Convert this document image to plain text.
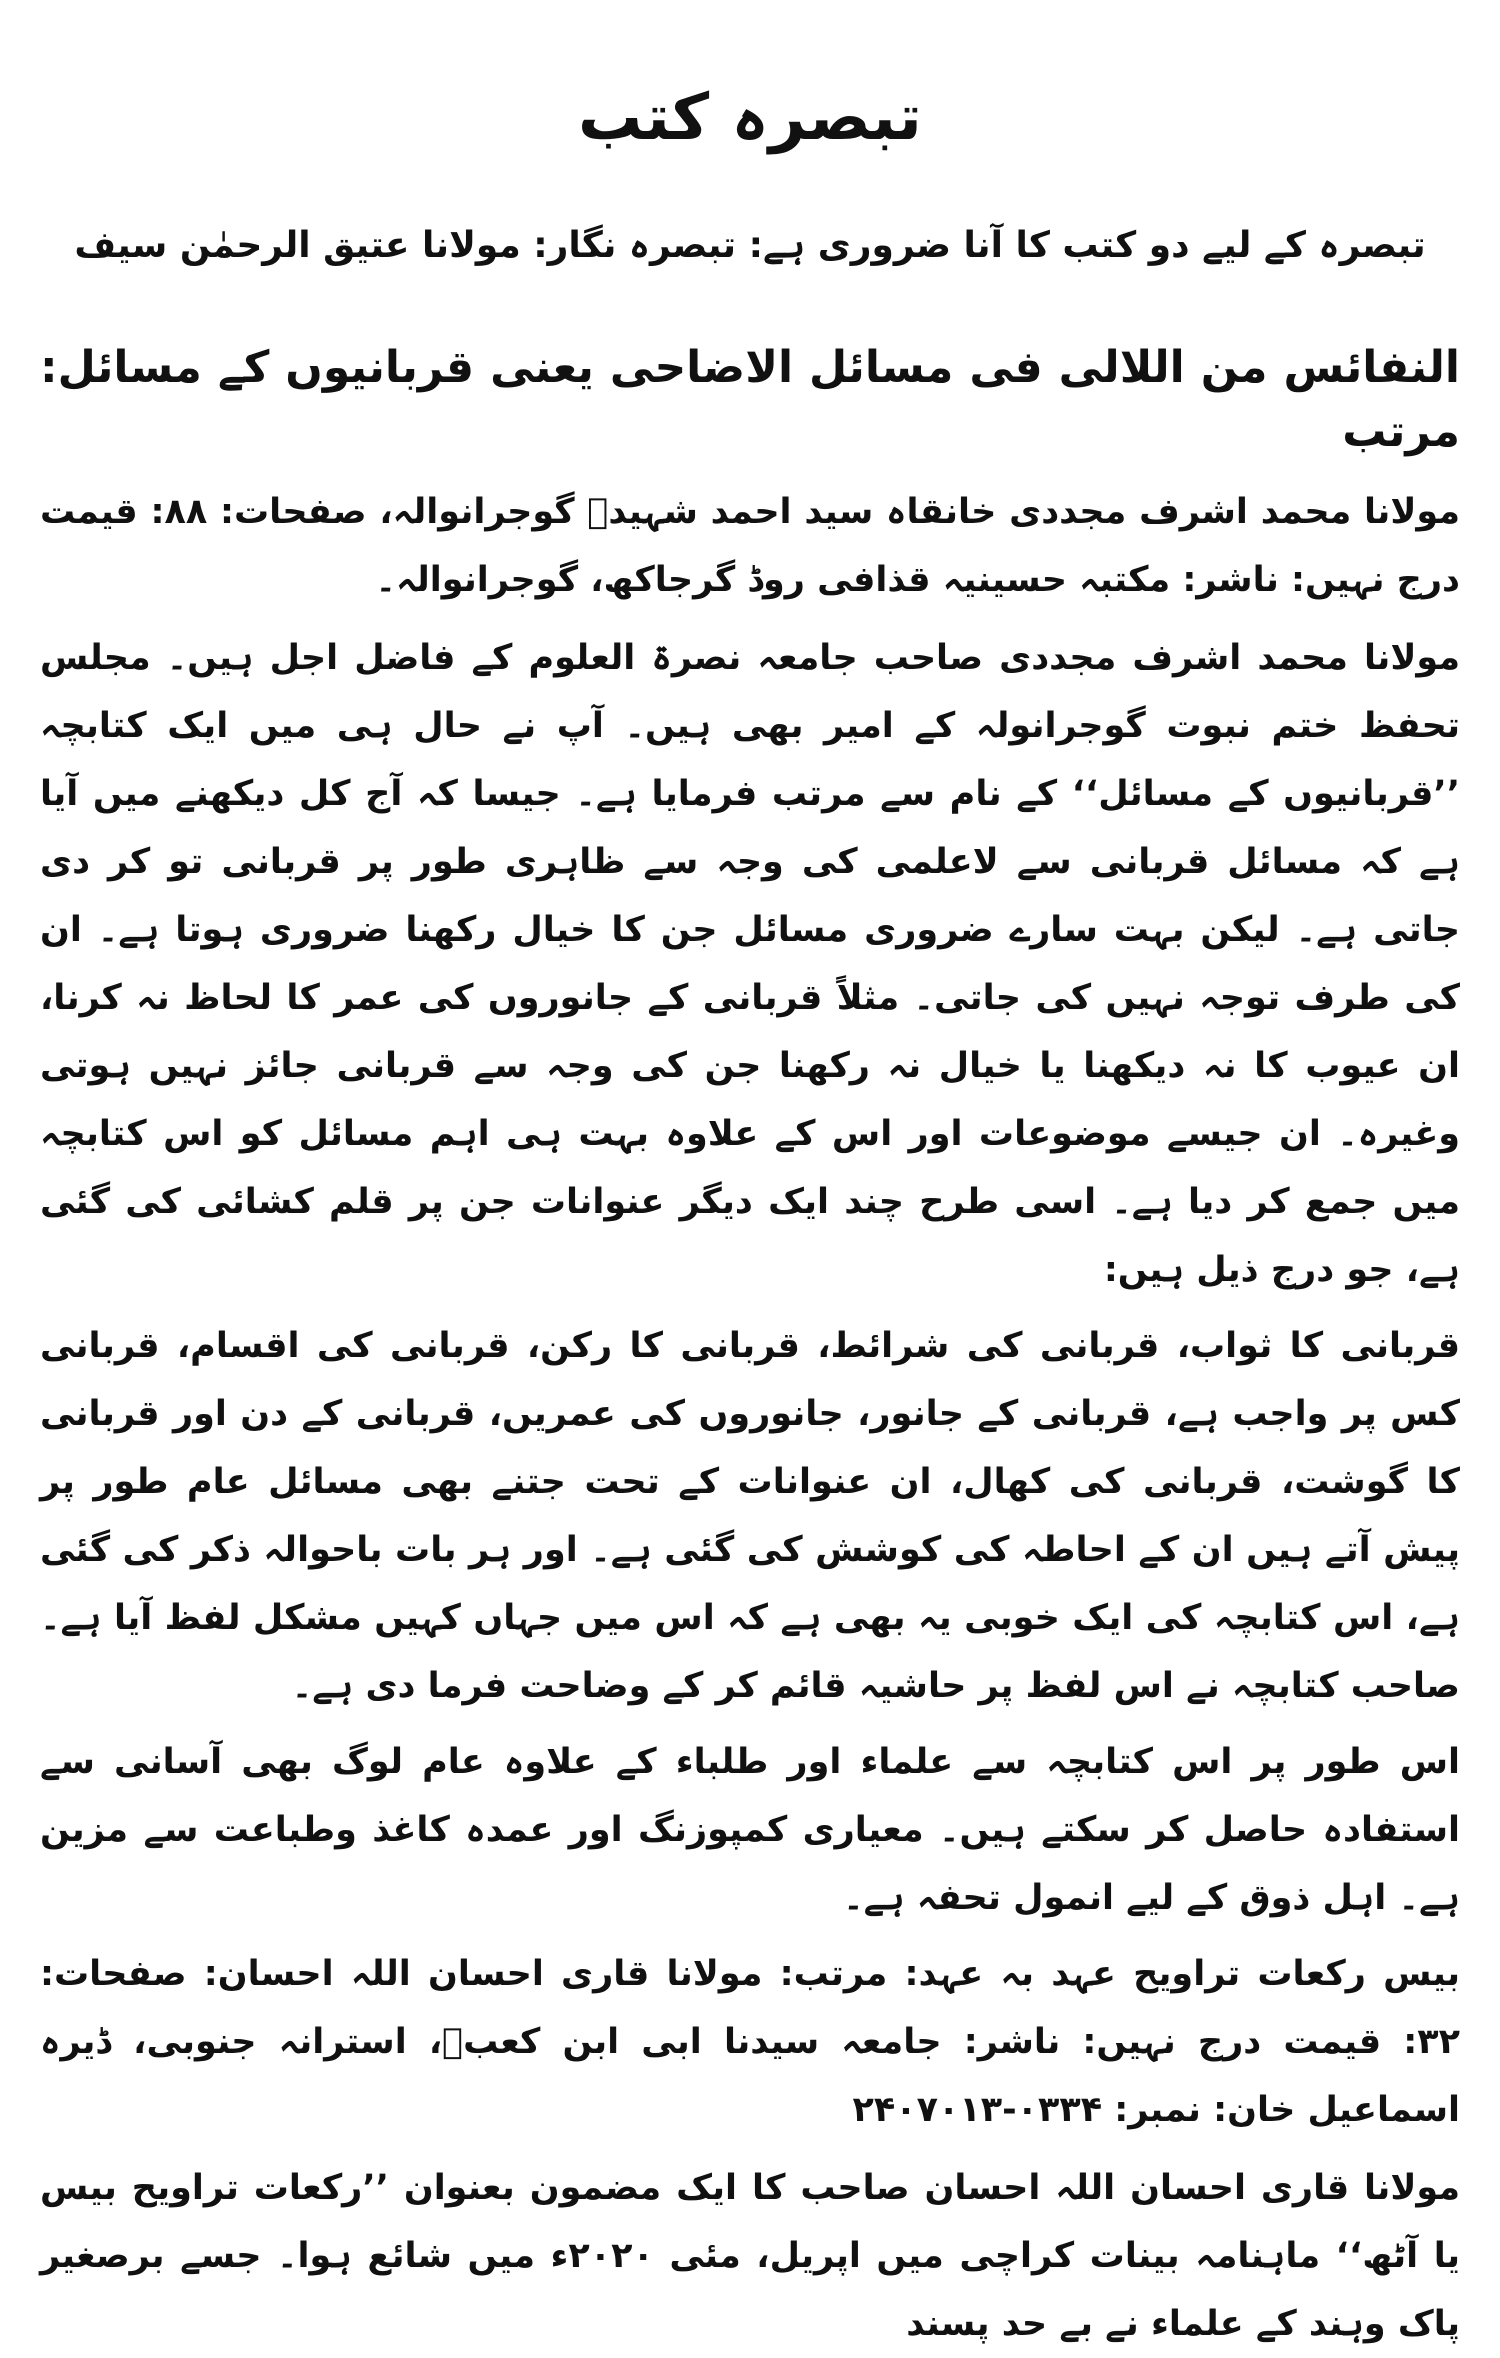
تبصرہ کتب
تبصرہ کے لیے دو کتب کا آنا ضروری ہے: تبصرہ نگار: مولانا عتیق الرحمٰن سیف
النفائس من اللالی فی مسائل الاضاحی یعنی قربانیوں کے مسائل: مرتب
مولانا محمد اشرف مجددی خانقاہ سید احمد شہیدؒ گوجرانوالہ، صفحات: ۸۸: قیمت درج نہیں: ناشر: مکتبہ حسینیہ قذافی روڈ گرجاکھ، گوجرانوالہ۔

مولانا محمد اشرف مجددی صاحب جامعہ نصرۃ العلوم کے فاضل اجل ہیں۔ مجلس تحفظ ختم نبوت گوجرانولہ کے امیر بھی ہیں۔ آپ نے حال ہی میں ایک کتابچہ ’’قربانیوں کے مسائل‘‘ کے نام سے مرتب فرمایا ہے۔ جیسا کہ آج کل دیکھنے میں آیا ہے کہ مسائل قربانی سے لاعلمی کی وجہ سے ظاہری طور پر قربانی تو کر دی جاتی ہے۔ لیکن بہت سارے ضروری مسائل جن کا خیال رکھنا ضروری ہوتا ہے۔ ان کی طرف توجہ نہیں کی جاتی۔ مثلاً قربانی کے جانوروں کی عمر کا لحاظ نہ کرنا، ان عیوب کا نہ دیکھنا یا خیال نہ رکھنا جن کی وجہ سے قربانی جائز نہیں ہوتی وغیرہ۔ ان جیسے موضوعات اور اس کے علاوہ بہت ہی اہم مسائل کو اس کتابچہ میں جمع کر دیا ہے۔ اسی طرح چند ایک دیگر عنوانات جن پر قلم کشائی کی گئی ہے، جو درج ذیل ہیں:

قربانی کا ثواب، قربانی کی شرائط، قربانی کا رکن، قربانی کی اقسام، قربانی کس پر واجب ہے، قربانی کے جانور، جانوروں کی عمریں، قربانی کے دن اور قربانی کا گوشت، قربانی کی کھال، ان عنوانات کے تحت جتنے بھی مسائل عام طور پر پیش آتے ہیں ان کے احاطہ کی کوشش کی گئی ہے۔ اور ہر بات باحوالہ ذکر کی گئی ہے، اس کتابچہ کی ایک خوبی یہ بھی ہے کہ اس میں جہاں کہیں مشکل لفظ آیا ہے۔ صاحب کتابچہ نے اس لفظ پر حاشیہ قائم کر کے وضاحت فرما دی ہے۔

اس طور پر اس کتابچہ سے علماء اور طلباء کے علاوہ عام لوگ بھی آسانی سے استفادہ حاصل کر سکتے ہیں۔ معیاری کمپوزنگ اور عمدہ کاغذ وطباعت سے مزین ہے۔ اہل ذوق کے لیے انمول تحفہ ہے۔

بیس رکعات تراویح عہد بہ عہد: مرتب: مولانا قاری احسان اللہ احسان: صفحات: ۳۲: قیمت درج نہیں: ناشر: جامعہ سیدنا ابی ابن کعبؓ، استرانہ جنوبی، ڈیرہ اسماعیل خان: نمبر: ۰۳۳۴-۲۴۰۷۰۱۳

مولانا قاری احسان اللہ احسان صاحب کا ایک مضمون بعنوان ’’رکعات تراویح بیس یا آٹھ‘‘ ماہنامہ بینات کراچی میں اپریل، مئی ۲۰۲۰ء میں شائع ہوا۔ جسے برصغیر پاک وہند کے علماء نے بے حد پسند
